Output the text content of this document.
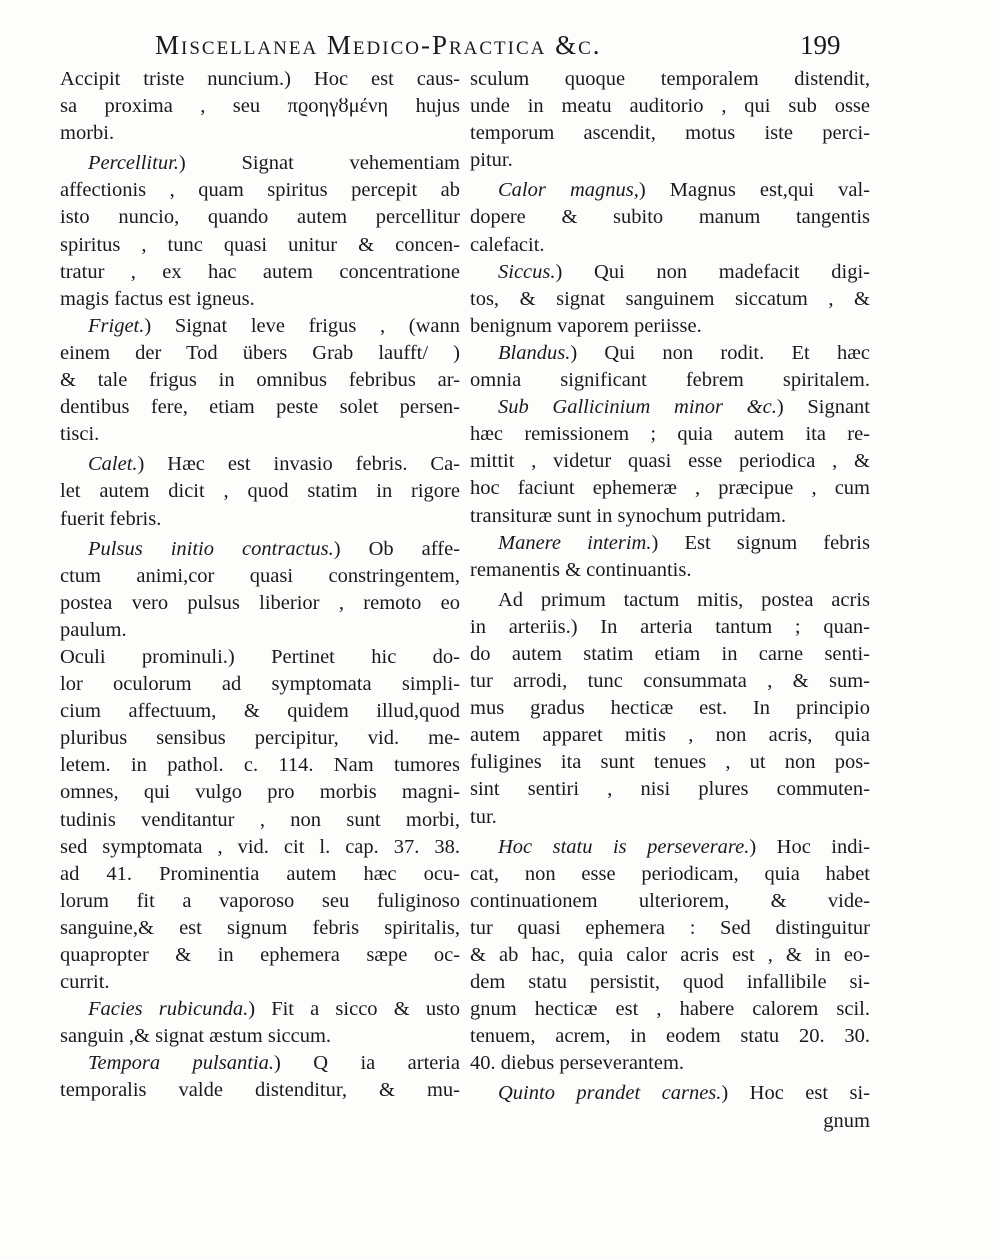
Miscellanea Medico-Practica &c.	199
Accipit triste nuncium.) Hoc est caus-
sa proxima , seu πϱοηγȣμένη hujus
morbi.
Percellitur.) Signat vehementiam
affectionis , quam spiritus percepit ab
isto nuncio, quando autem percellitur
spiritus , tunc quasi unitur & concen-
tratur , ex hac autem concentratione
magis factus est igneus.
Friget.) Signat leve frigus , (wann
einem der Tod übers Grab laufft/ )
& tale frigus in omnibus febribus ar-
dentibus fere, etiam peste solet persen-
tisci.
Calet.) Hæc est invasio febris. Ca-
let autem dicit , quod statim in rigore
fuerit febris.
Pulsus initio contractus.) Ob affe-
ctum animi,cor quasi constringentem,
postea vero pulsus liberior , remoto eo
paulum.
Oculi prominuli.) Pertinet hic do-
lor oculorum ad symptomata simpli-
cium affectuum, & quidem illud,quod
pluribus sensibus percipitur, vid. me-
letem. in pathol. c. 114. Nam tumores
omnes, qui vulgo pro morbis magni-
tudinis venditantur , non sunt morbi,
sed symptomata , vid. cit l. cap. 37. 38.
ad 41. Prominentia autem hæc ocu-
lorum fit a vaporoso seu fuliginoso
sanguine,& est signum febris spiritalis,
quapropter & in ephemera sæpe oc-
currit.
Facies rubicunda.) Fit a sicco & usto
sanguin ,& signat æstum siccum.
Tempora pulsantia.) Q ia arteria
temporalis valde distenditur, & mu-
sculum quoque temporalem distendit,
unde in meatu auditorio , qui sub osse
temporum ascendit, motus iste perci-
pitur.
Calor magnus,) Magnus est,qui val-
dopere & subito manum tangentis
calefacit.
Siccus.) Qui non madefacit digi-
tos, & signat sanguinem siccatum , &
benignum vaporem periisse.
Blandus.) Qui non rodit. Et hæc
omnia significant febrem spiritalem.
Sub Gallicinium minor &c.) Signant
hæc remissionem ; quia autem ita re-
mittit , videtur quasi esse periodica , &
hoc faciunt ephemeræ , præcipue , cum
transituræ sunt in synochum putridam.
Manere interim.) Est signum febris
remanentis & continuantis.
Ad primum tactum mitis, postea acris
in arteriis.) In arteria tantum ; quan-
do autem statim etiam in carne senti-
tur arrodi, tunc consummata , & sum-
mus gradus hecticæ est. In principio
autem apparet mitis , non acris, quia
fuligines ita sunt tenues , ut non pos-
sint sentiri , nisi plures commuten-
tur.
Hoc statu is perseverare.) Hoc indi-
cat, non esse periodicam, quia habet
continuationem ulteriorem, & vide-
tur quasi ephemera : Sed distinguitur
& ab hac, quia calor acris est , & in eo-
dem statu persistit, quod infallibile si-
gnum hecticæ est , habere calorem scil.
tenuem, acrem, in eodem statu 20. 30.
40. diebus perseverantem.
Quinto prandet carnes.) Hoc est si-
gnum
